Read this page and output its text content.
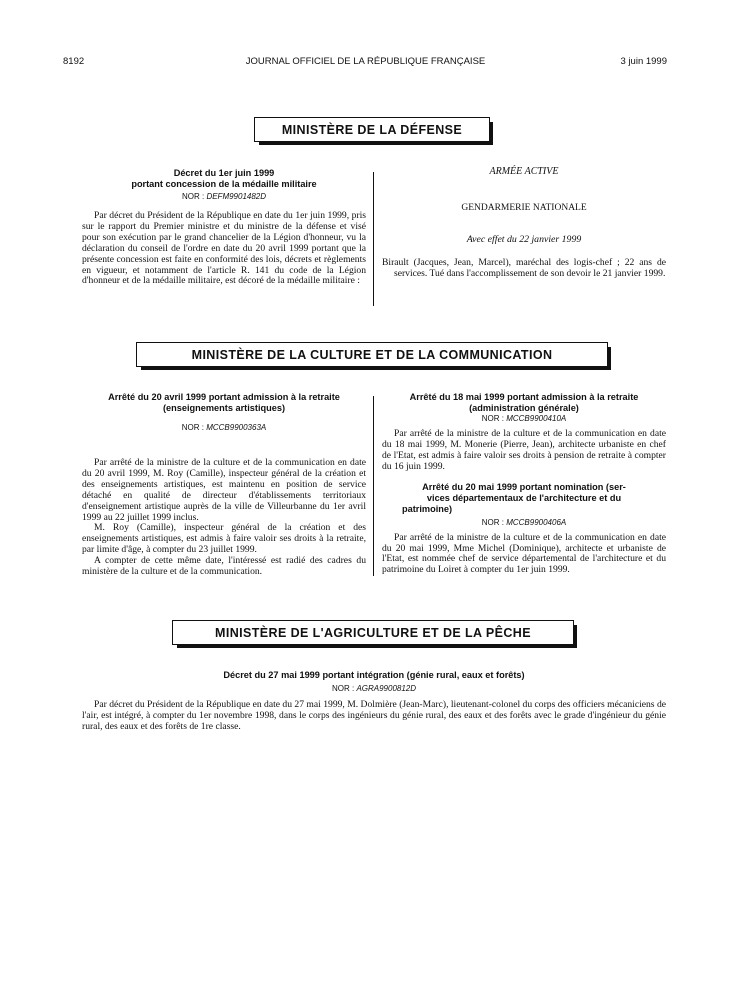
8192	JOURNAL OFFICIEL DE LA RÉPUBLIQUE FRANÇAISE	3 juin 1999
MINISTÈRE DE LA DÉFENSE
Décret du 1er juin 1999
portant concession de la médaille militaire
NOR : DEFM9901482D

Par décret du Président de la République en date du 1er juin 1999, pris sur le rapport du Premier ministre et du ministre de la défense et visé pour son exécution par le grand chancelier de la Légion d'honneur, vu la déclaration du conseil de l'ordre en date du 20 avril 1999 portant que la présente concession est faite en conformité des lois, décrets et règlements en vigueur, et notamment de l'article R. 141 du code de la Légion d'honneur et de la médaille militaire, est décoré de la médaille militaire :

ARMÉE ACTIVE
GENDARMERIE NATIONALE
Avec effet du 22 janvier 1999

Birault (Jacques, Jean, Marcel), maréchal des logis-chef ; 22 ans de services. Tué dans l'accomplissement de son devoir le 21 janvier 1999.

MINISTÈRE DE LA CULTURE ET DE LA COMMUNICATION
Arrêté du 20 avril 1999 portant admission à la retraite
(enseignements artistiques)
NOR : MCCB9900363A

Par arrêté de la ministre de la culture et de la communication en date du 20 avril 1999, M. Roy (Camille), inspecteur général de la création et des enseignements artistiques, est maintenu en position de service détaché en qualité de directeur d'établissements territoriaux d'enseignement artistique auprès de la ville de Villeurbanne du 1er avril 1999 au 22 juillet 1999 inclus.

M. Roy (Camille), inspecteur général de la création et des enseignements artistiques, est admis à faire valoir ses droits à la retraite, par limite d'âge, à compter du 23 juillet 1999.

A compter de cette même date, l'intéressé est radié des cadres du ministère de la culture et de la communication.

Arrêté du 18 mai 1999 portant admission à la retraite
(administration générale)
NOR : MCCB9900410A

Par arrêté de la ministre de la culture et de la communication en date du 18 mai 1999, M. Monerie (Pierre, Jean), architecte urbaniste en chef de l'Etat, est admis à faire valoir ses droits à pension de retraite à compter du 16 juin 1999.

Arrêté du 20 mai 1999 portant nomination (ser-
vices départementaux de l'architecture et du
patrimoine)
NOR : MCCB9900406A

Par arrêté de la ministre de la culture et de la communication en date du 20 mai 1999, Mme Michel (Dominique), architecte et urbaniste de l'Etat, est nommée chef de service départemental de l'architecture et du patrimoine du Loiret à compter du 1er juin 1999.

MINISTÈRE DE L'AGRICULTURE ET DE LA PÊCHE
Décret du 27 mai 1999 portant intégration (génie rural, eaux et forêts)
NOR : AGRA9900812D

Par décret du Président de la République en date du 27 mai 1999, M. Dolmière (Jean-Marc), lieutenant-colonel du corps des officiers mécaniciens de l'air, est intégré, à compter du 1er novembre 1998, dans le corps des ingénieurs du génie rural, des eaux et des forêts avec le grade d'ingénieur du génie rural, des eaux et des forêts de 1re classe.
